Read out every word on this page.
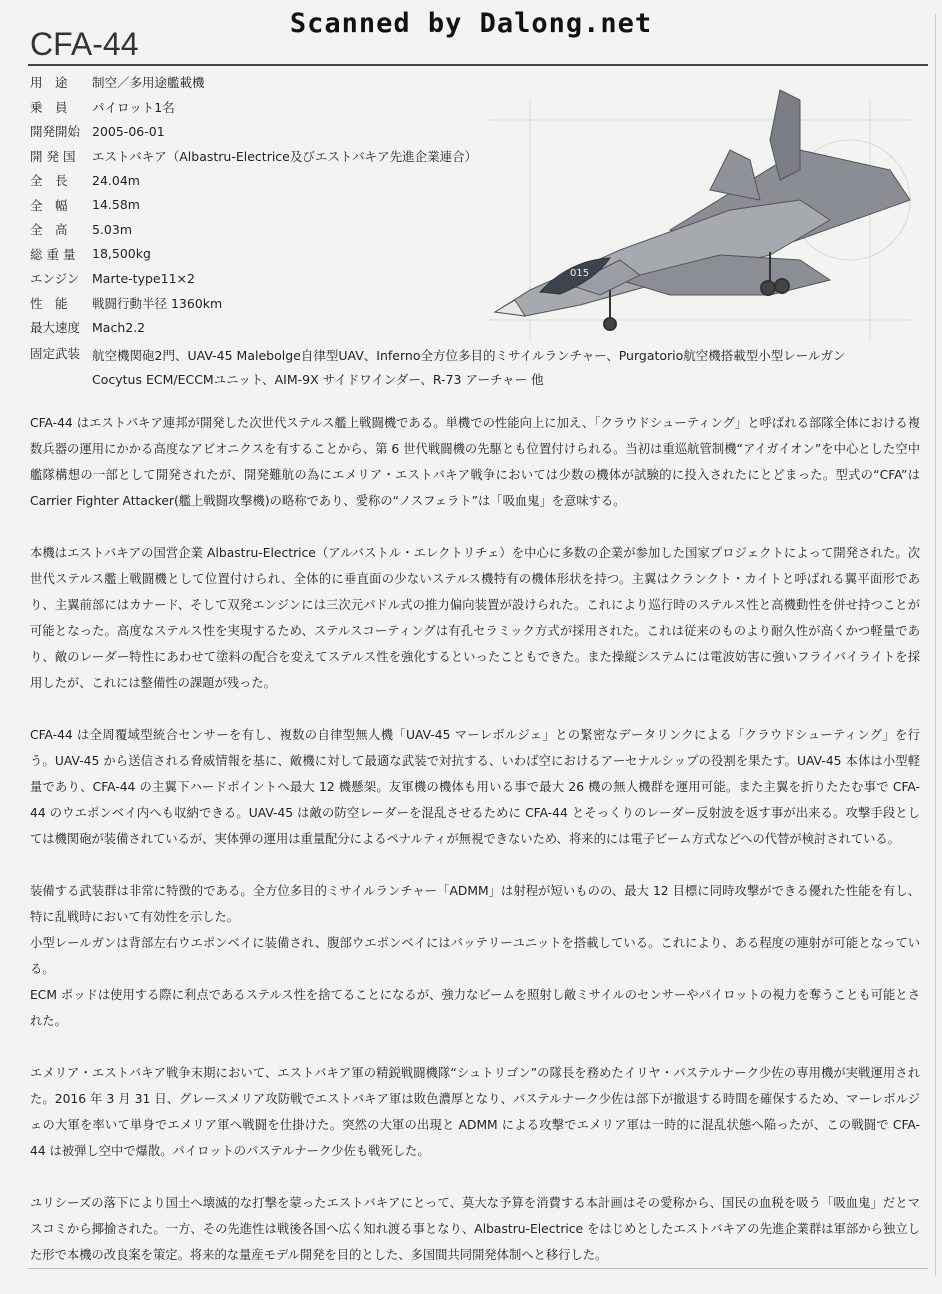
Scanned by Dalong.net
CFA-44
用　途	制空／多用途艦載機
乗　員	パイロット1名
開発開始 2005-06-01
開 発 国	エストバキア（Albastru-Electrice及びエストバキア先進企業連合）
全　長	24.04m
全　幅	14.58m
全　高	5.03m
総 重 量	18,500kg
エンジン	Marte-type11×2
性　能	戦闘行動半径 1360km
最大速度 Mach2.2
固定武装 航空機関砲2門、UAV-45 Malebolge自律型UAV、Inferno全方位多目的ミサイルランチャー、Purgatorio航空機搭載型小型レールガン
Cocytus ECM/ECCMユニット、AIM-9X サイドワインダー、R-73 アーチャー 他
015

CFA-44 はエストバキア連邦が開発した次世代ステルス艦上戦闘機である。単機での性能向上に加え、「クラウドシューティング」と呼ばれる部隊全体における複数兵器の運用にかかる高度なアビオニクスを有することから、第 6 世代戦闘機の先駆とも位置付けられる。当初は重巡航管制機“アイガイオン”を中心とした空中艦隊構想の一部として開発されたが、開発難航の為にエメリア・エストバキア戦争においては少数の機体が試験的に投入されたにとどまった。型式の“CFA”は Carrier Fighter Attacker(艦上戦闘攻撃機)の略称であり、愛称の“ノスフェラト”は「吸血鬼」を意味する。

本機はエストバキアの国営企業 Albastru-Electrice（アルバストル・エレクトリチェ）を中心に多数の企業が参加した国家プロジェクトによって開発された。次世代ステルス艦上戦闘機として位置付けられ、全体的に垂直面の少ないステルス機特有の機体形状を持つ。主翼はクランクト・カイトと呼ばれる翼平面形であり、主翼前部にはカナード、そして双発エンジンには三次元パドル式の推力偏向装置が設けられた。これにより巡行時のステルス性と高機動性を併せ持つことが可能となった。高度なステルス性を実現するため、ステルスコーティングは有孔セラミック方式が採用された。これは従来のものより耐久性が高くかつ軽量であり、敵のレーダー特性にあわせて塗料の配合を変えてステルス性を強化するといったこともできた。また操縦システムには電波妨害に強いフライバイライトを採用したが、これには整備性の課題が残った。

CFA-44 は全周覆域型統合センサーを有し、複数の自律型無人機「UAV-45 マーレボルジェ」との緊密なデータリンクによる「クラウドシューティング」を行う。UAV-45 から送信される脅威情報を基に、敵機に対して最適な武装で対抗する、いわば空におけるアーセナルシップの役割を果たす。UAV-45 本体は小型軽量であり、CFA-44 の主翼下ハードポイントへ最大 12 機懸架。友軍機の機体も用いる事で最大 26 機の無人機群を運用可能。また主翼を折りたたむ事で CFA-44 のウエポンベイ内へも収納できる。UAV-45 は敵の防空レーダーを混乱させるために CFA-44 とそっくりのレーダー反射波を返す事が出来る。攻撃手段としては機関砲が装備されているが、実体弾の運用は重量配分によるペナルティが無視できないため、将来的には電子ビーム方式などへの代替が検討されている。

装備する武装群は非常に特徴的である。全方位多目的ミサイルランチャー「ADMM」は射程が短いものの、最大 12 目標に同時攻撃ができる優れた性能を有し、特に乱戦時において有効性を示した。
小型レールガンは背部左右ウエポンベイに装備され、腹部ウエポンベイにはバッテリーユニットを搭載している。これにより、ある程度の連射が可能となっている。
ECM ポッドは使用する際に利点であるステルス性を捨てることになるが、強力なビームを照射し敵ミサイルのセンサーやパイロットの視力を奪うことも可能とされた。

エメリア・エストバキア戦争末期において、エストバキア軍の精鋭戦闘機隊“シュトリゴン”の隊長を務めたイリヤ・パステルナーク少佐の専用機が実戦運用された。2016 年 3 月 31 日、グレースメリア攻防戦でエストバキア軍は敗色濃厚となり、パステルナーク少佐は部下が撤退する時間を確保するため、マーレボルジェの大軍を率いて単身でエメリア軍へ戦闘を仕掛けた。突然の大軍の出現と ADMM による攻撃でエメリア軍は一時的に混乱状態へ陥ったが、この戦闘で CFA-44 は被弾し空中で爆散。パイロットのパステルナーク少佐も戦死した。

ユリシーズの落下により国土へ壊滅的な打撃を蒙ったエストバキアにとって、莫大な予算を消費する本計画はその愛称から、国民の血税を吸う「吸血鬼」だとマスコミから揶揄された。一方、その先進性は戦後各国へ広く知れ渡る事となり、Albastru-Electrice をはじめとしたエストバキアの先進企業群は軍部から独立した形で本機の改良案を策定。将来的な量産モデル開発を目的とした、多国間共同開発体制へと移行した。
